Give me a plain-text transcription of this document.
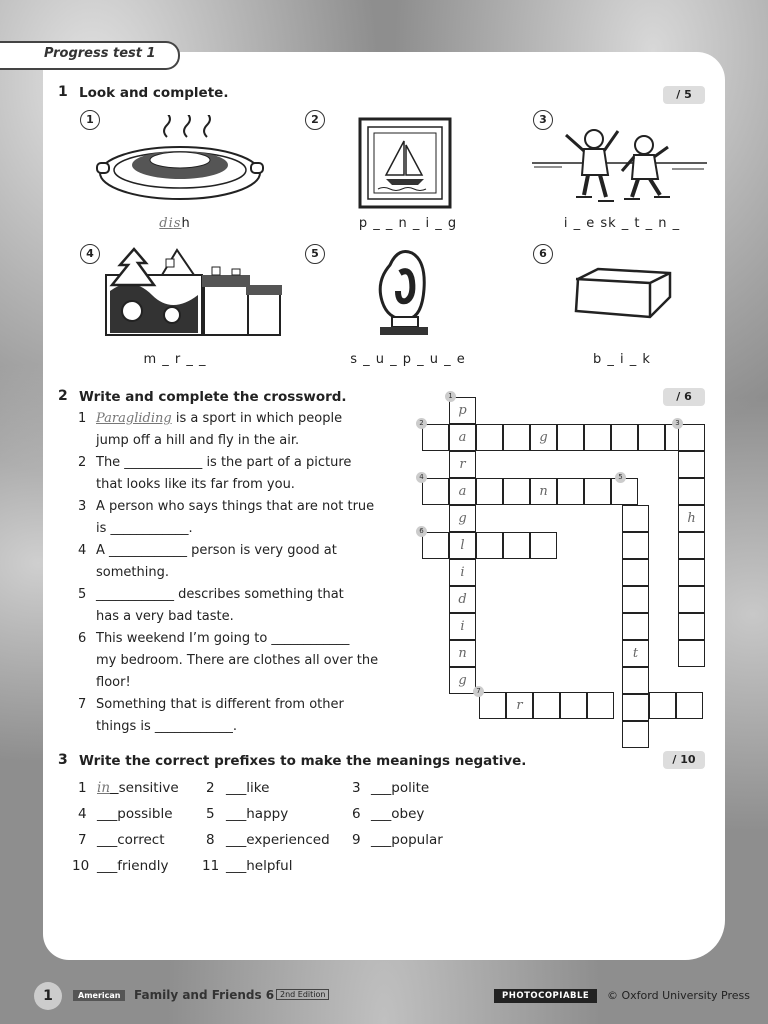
Progress test 1
1 Look and complete.	/ 5
1	2	3
4	5	6
dish	p _ _ n _ i _ g	i _ e sk _ t _ n _
m _ r _ _	s _ u _ p _ u _ e	b _ i _ k
2 Write and complete the crossword.	/ 6
1 Paragliding is a sport in which people
jump off a hill and fly in the air.
2 The ____________ is the part of a picture
that looks like its far from you.
3 A person who says things that are not true
is ____________.
4 A ____________ person is very good at
something.
5 ____________ describes something that
has a very bad taste.
6 This weekend I’m going to ____________
my bedroom. There are clothes all over the
floor!
7 Something that is different from other
things is ____________.
p
a
r
a
g
l
i
d
i
n
g
g
h
n
t
r
1
2	3
4	5
6
7
3 Write the correct prefixes to make the meanings negative.	/ 10
1 in sensitive 2 ___like	3 ___polite
4 ___possible 5 ___happy	6 ___obey
7 ___correct	8 ___experienced 9 ___popular
10 ___friendly 11 ___helpful
1	American	Family and Friends 6 2nd Edition	PHOTOCOPIABLE	© Oxford University Press
